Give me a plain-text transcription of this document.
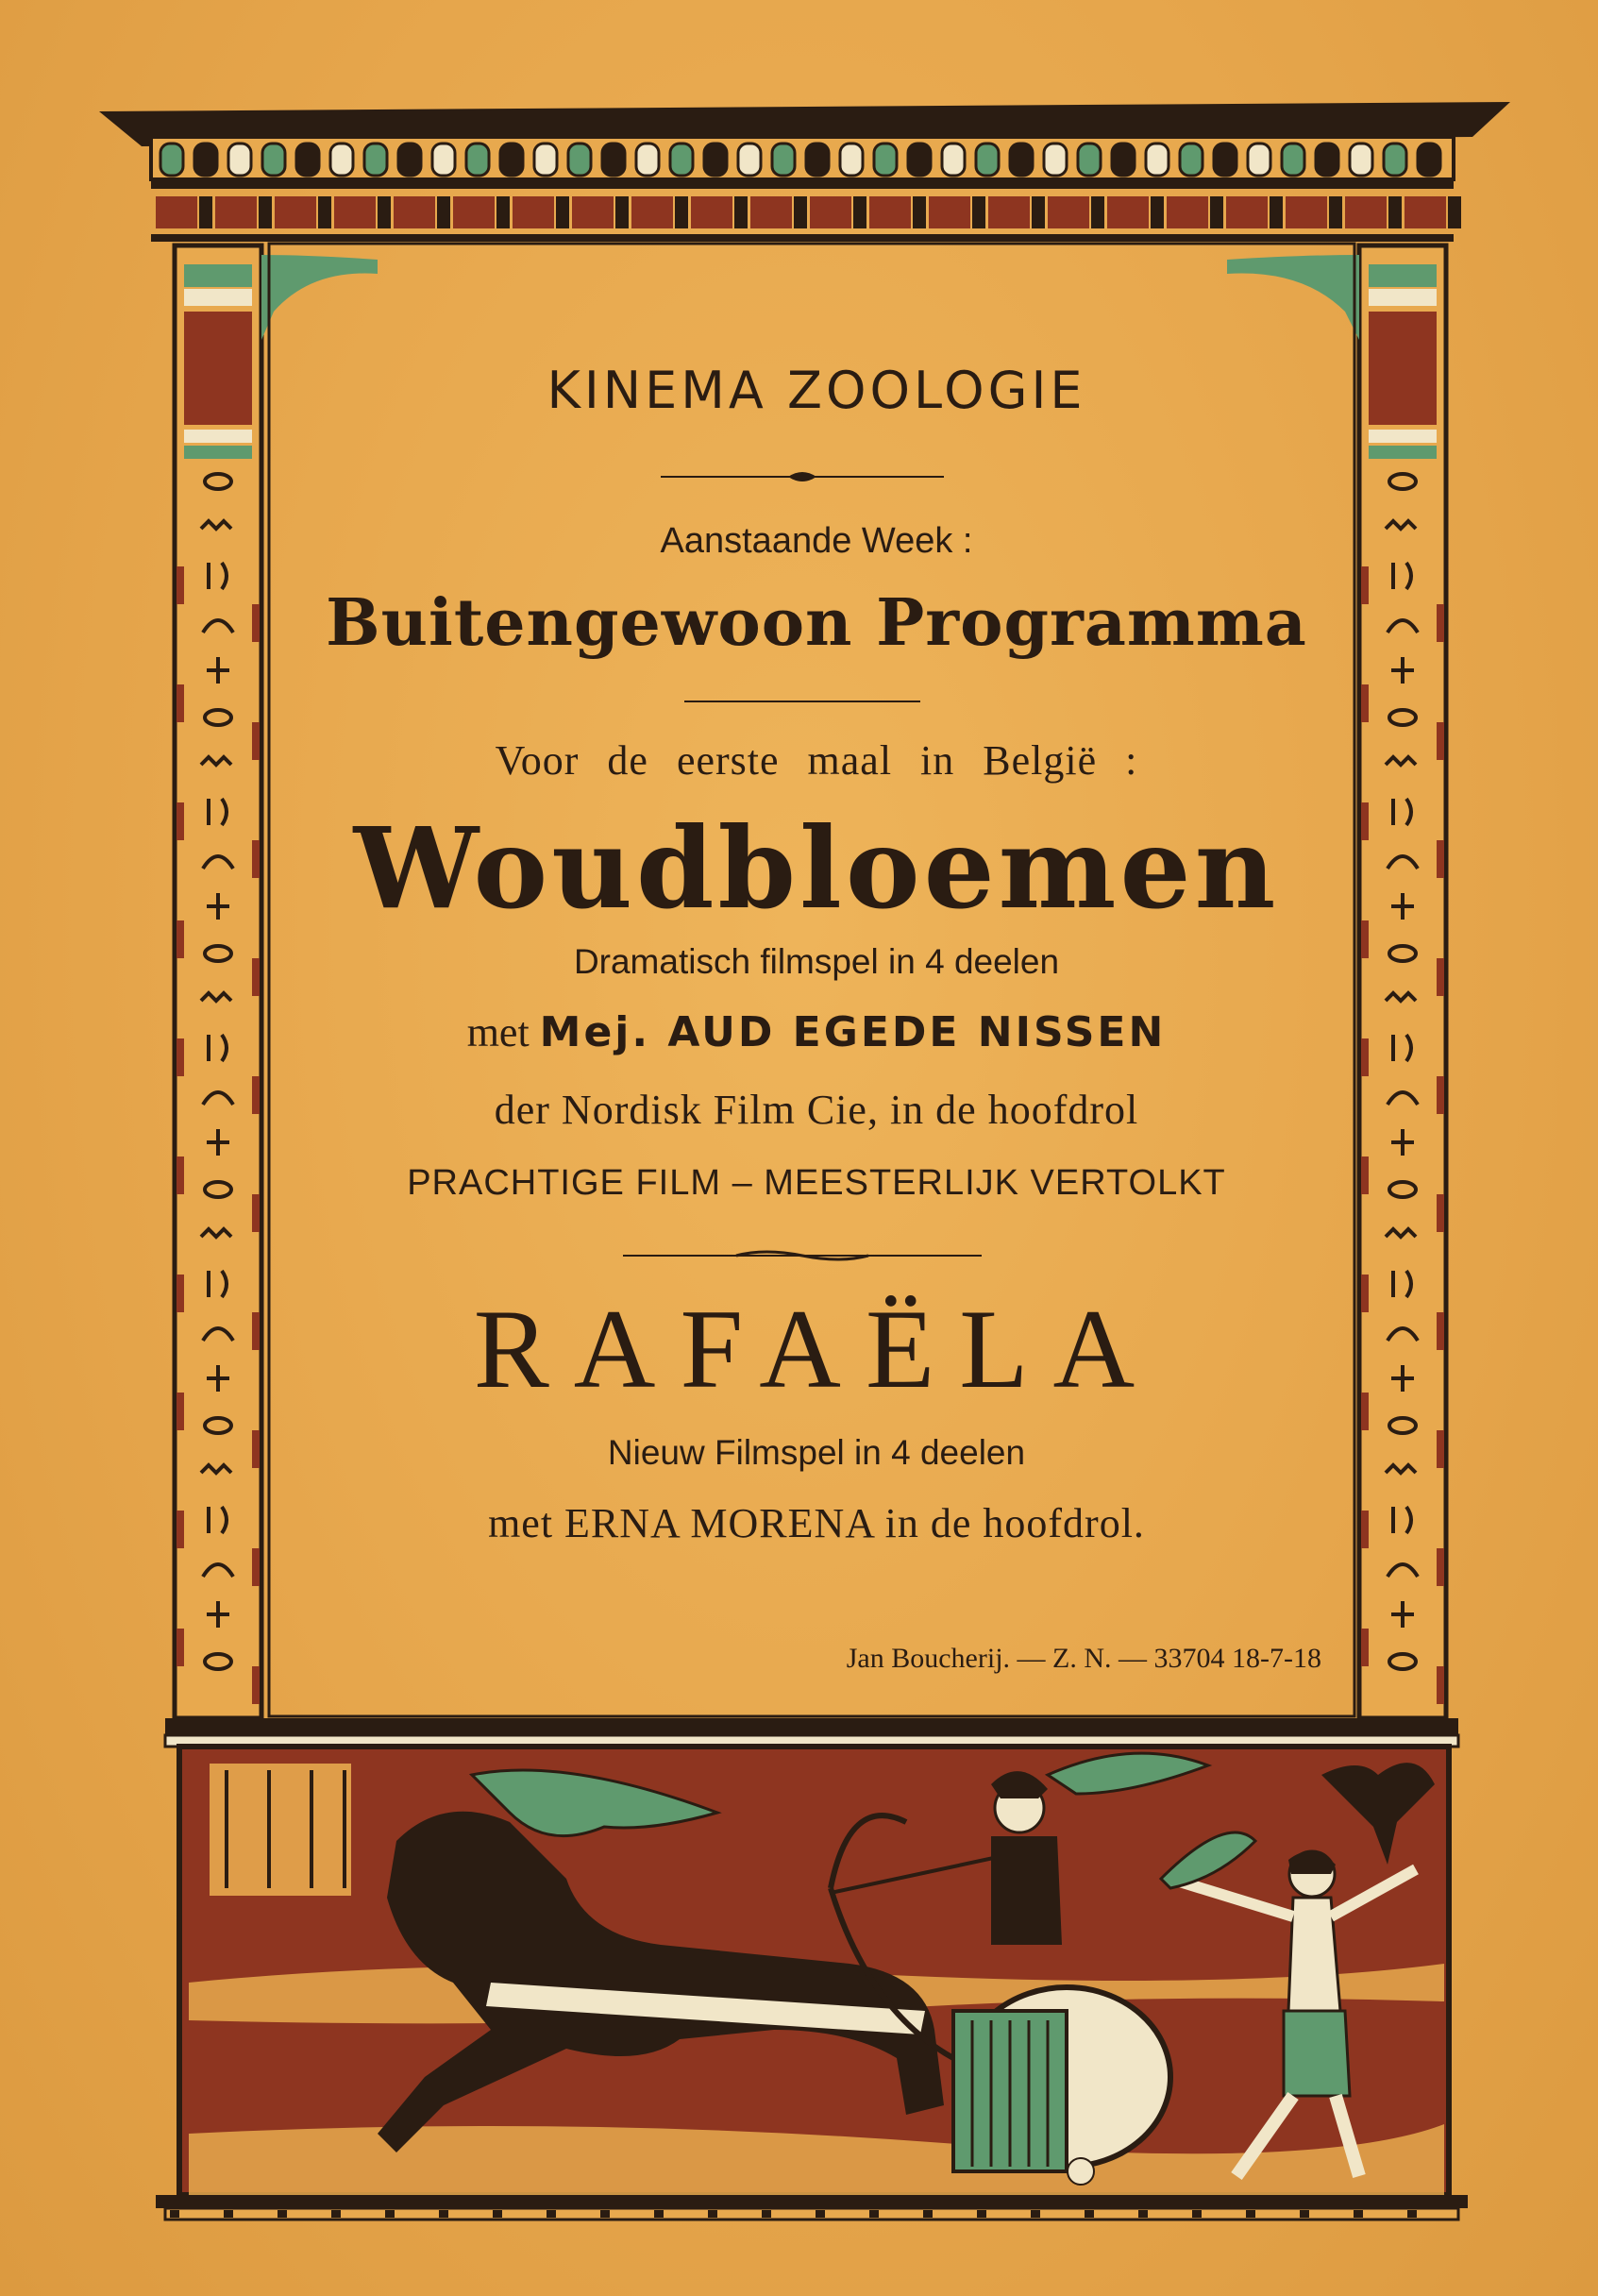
KINEMA ZOOLOGIE
Aanstaande Week :
Buitengewoon Programma
Voor de eerste maal in België :
Woudbloemen
Dramatisch filmspel in 4 deelen
met Mej. AUD EGEDE NISSEN
der Nordisk Film Cie, in de hoofdrol
PRACHTIGE FILM – MEESTERLIJK VERTOLKT
RAFAËLA
Nieuw Filmspel in 4 deelen
met ERNA MORENA in de hoofdrol.
Jan Boucherij. — Z. N. — 33704 18-7-18
